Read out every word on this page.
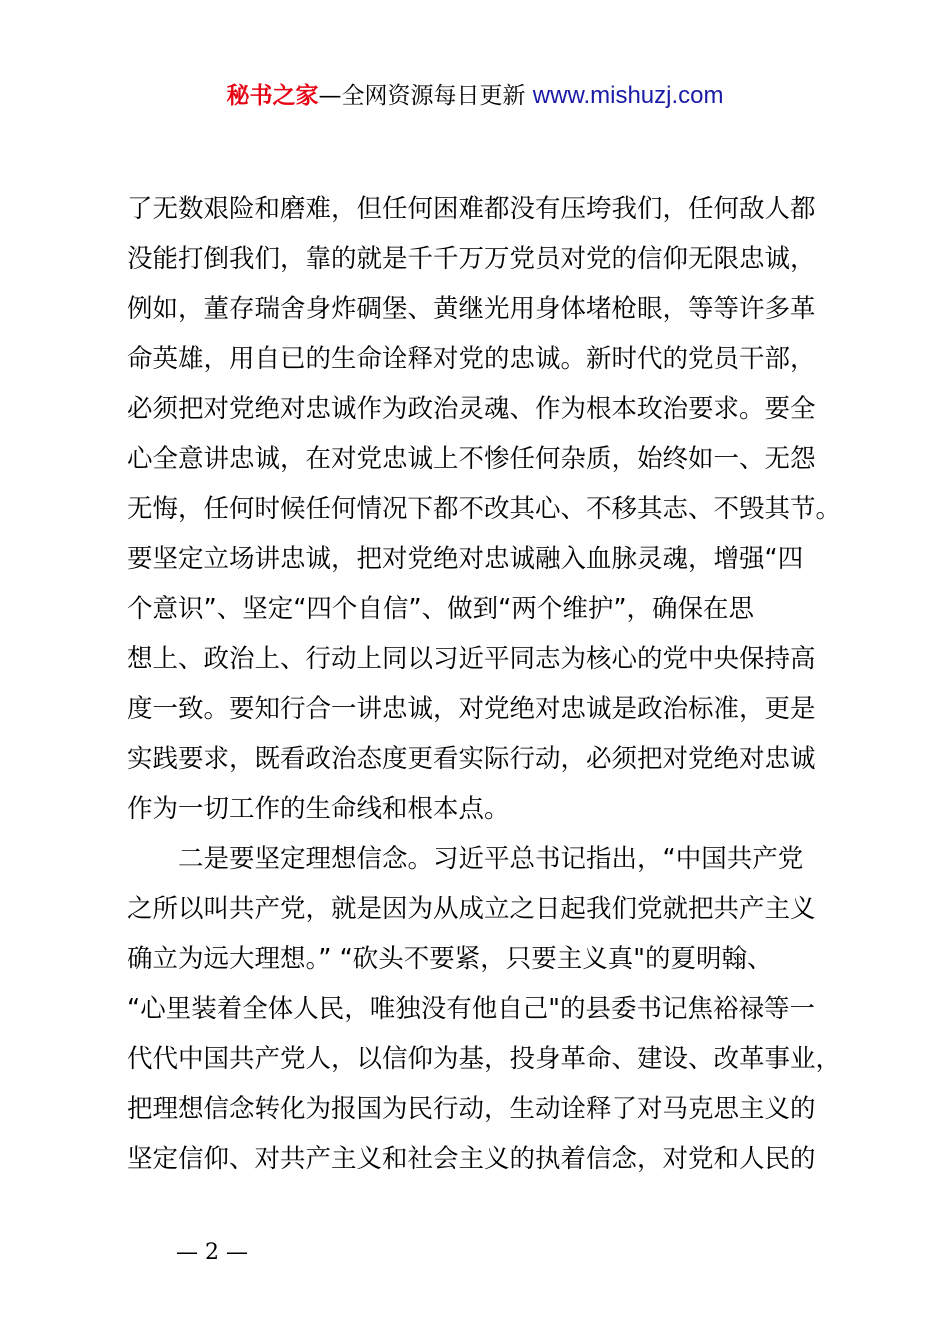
秘书之家—全网资源每日更新 www.mishuzj.com
了无数艰险和磨难，但任何困难都没有压垮我们，任何敌人都
没能打倒我们，靠的就是千千万万党员对党的信仰无限忠诚，
例如，董存瑞舍身炸碉堡、黄继光用身体堵枪眼，等等许多革
命英雄，用自已的生命诠释对党的忠诚。新时代的党员干部，
必须把对党绝对忠诚作为政治灵魂、作为根本玫治要求。要全
心全意讲忠诚，在对党忠诚上不惨任何杂质，始终如一、无怨
无悔，任何时候任何情况下都不改其心、不移其志、不毁其节。
要坚定立场讲忠诚，把对党绝对忠诚融入血脉灵魂，增强“四
个意识”、坚定“四个自信”、做到“两个维护”，确保在思
想上、政治上、行动上同以习近平同志为核心的党中央保持高
度一致。要知行合一讲忠诚，对党绝对忠诚是政治标准，更是
实践要求，既看政治态度更看实际行动，必须把对党绝对忠诚
作为一切工作的生命线和根本点。
二是要坚定理想信念。习近平总书记指出，“中国共产党
之所以叫共产党，就是因为从成立之日起我们党就把共产主义
确立为远大理想。” “砍头不要紧，只要主义真"的夏明翰、
“心里装着全体人民，唯独没有他自己"的县委书记焦裕禄等一
代代中国共产党人，以信仰为基，投身革命、建设、改革事业，
把理想信念转化为报国为民行动，生动诠释了对马克思主义的
坚定信仰、对共产主义和社会主义的执着信念，对党和人民的
— 2 —
